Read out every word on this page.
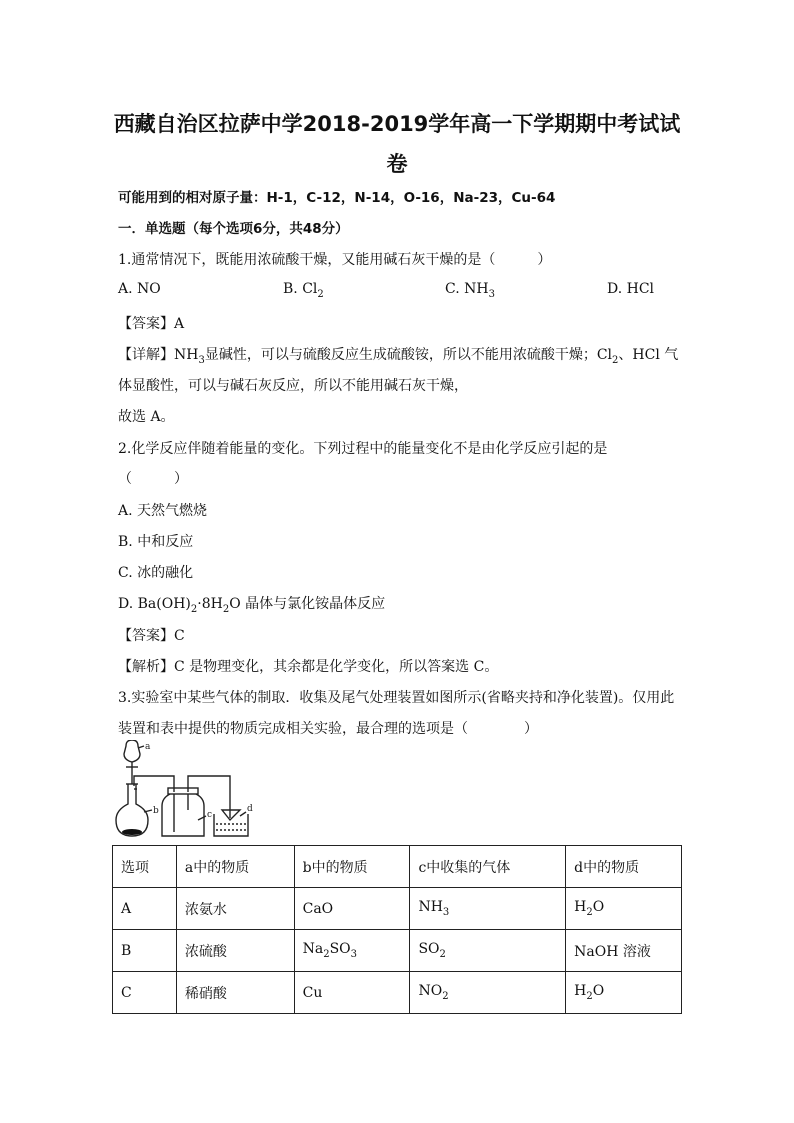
西藏自治区拉萨中学2018-2019学年高一下学期期中考试试
卷
可能用到的相对原子量：H-1，C-12，N-14，O-16，Na-23，Cu-64
一．单选题（每个选项6分，共48分）
1.通常情况下，既能用浓硫酸干燥，又能用碱石灰干燥的是（　　　）
A. NO	B. $Cl_2$	C. $NH_3$	D. HCl
【答案】A
【详解】$NH_3$显碱性，可以与硫酸反应生成硫酸铵，所以不能用浓硫酸干燥；$Cl_2$、HCl 气
体显酸性，可以与碱石灰反应，所以不能用碱石灰干燥，
故选 A。
2.化学反应伴随着能量的变化。下列过程中的能量变化不是由化学反应引起的是
（　　　）
A. 天然气燃烧
B. 中和反应
C. 冰的融化
D. $Ba(OH)_2\cdot 8H_2O$ 晶体与氯化铵晶体反应
【答案】C
【解析】C 是物理变化，其余都是化学变化，所以答案选 C。
3.实验室中某些气体的制取．收集及尾气处理装置如图所示(省略夹持和净化装置)。仅用此
装置和表中提供的物质完成相关实验，最合理的选项是（　　　　）
a
b	c
d
选项	a中的物质	b中的物质	c中收集的气体	d中的物质
A	浓氨水	CaO	$NH_3$	$H_2O$
B	浓硫酸	$Na_2SO_3$	$SO_2$	NaOH 溶液
C	稀硝酸	Cu	$NO_2$	$H_2O$
